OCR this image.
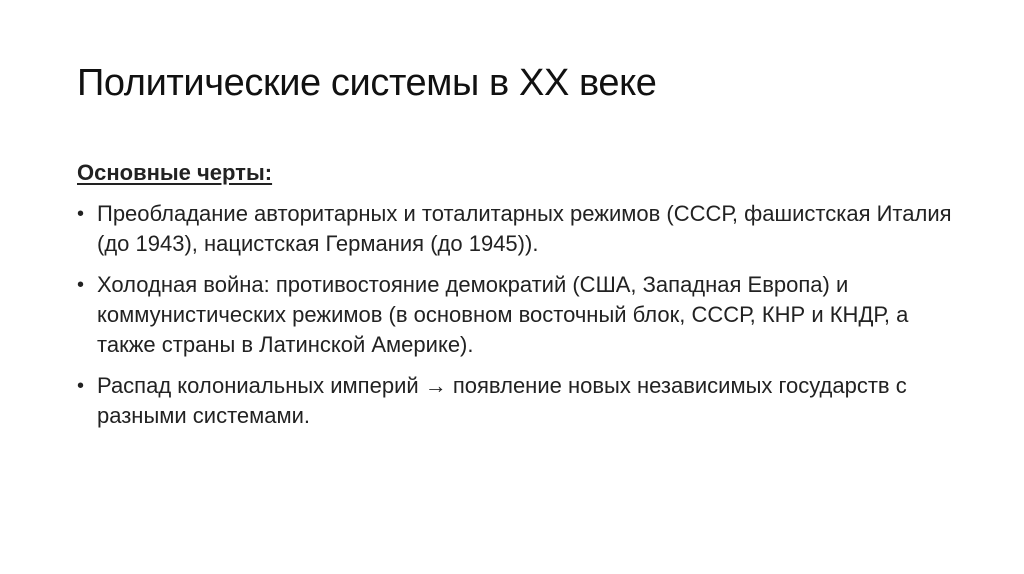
Политические системы в XX веке

Основные черты:

• Преобладание авторитарных и тоталитарных режимов (СССР, фашистская Италия (до 1943), нацистская Германия (до 1945)).
• Холодная война: противостояние демократий (США, Западная Европа) и коммунистических режимов (в основном восточный блок, СССР, КНР и КНДР, а также страны в Латинской Америке).
• Распад колониальных империй → появление новых независимых государств с разными системами.
